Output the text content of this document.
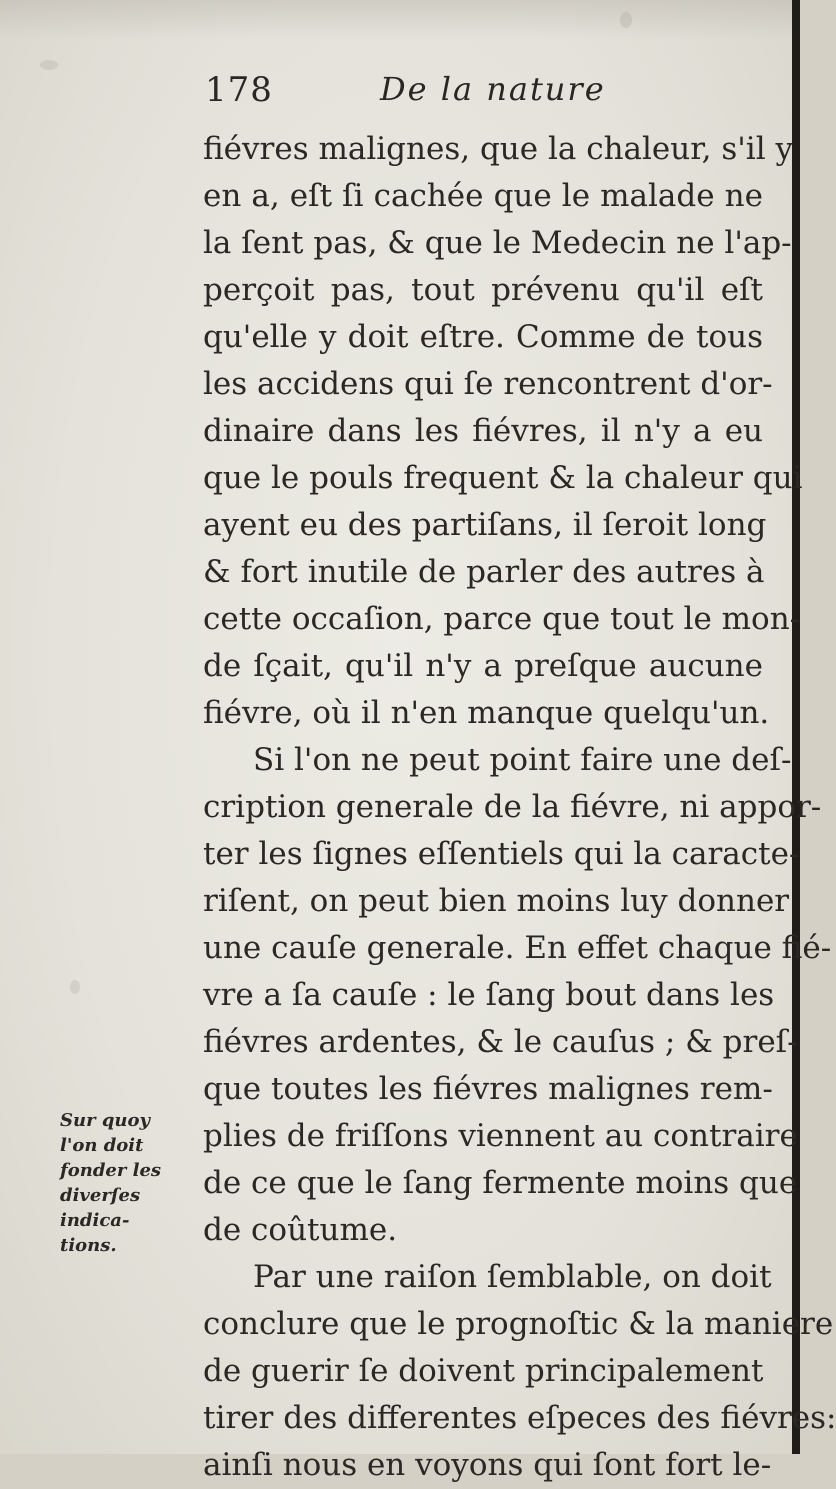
178	De la nature
fiévres malignes, que la chaleur, s'il y
en a, eſt ſi cachée que le malade ne
la ſent pas, & que le Medecin ne l'ap-
perçoit pas, tout prévenu qu'il eſt
qu'elle y doit eſtre. Comme de tous
les accidens qui ſe rencontrent d'or-
dinaire dans les fiévres, il n'y a eu
que le pouls frequent & la chaleur qui
ayent eu des partiſans, il ſeroit long
& fort inutile de parler des autres à
cette occaſion, parce que tout le mon-
de ſçait, qu'il n'y a preſque aucune
fiévre, où il n'en manque quelqu'un.
Si l'on ne peut point faire une deſ-
cription generale de la fiévre, ni appor-
ter les ſignes eſſentiels qui la caracte-
riſent, on peut bien moins luy donner
une cauſe generale. En effet chaque fié-
vre a ſa cauſe : le ſang bout dans les
fiévres ardentes, & le cauſus ; & preſ-
que toutes les fiévres malignes rem-
plies de friſſons viennent au contraire
de ce que le ſang fermente moins que
de coûtume.
Par une raiſon ſemblable, on doit
conclure que le prognoſtic & la maniere
de guerir ſe doivent principalement
tirer des differentes eſpeces des fiévres:
ainſi nous en voyons qui ſont fort le-
Sur quoy
l'on doit
fonder les
diverſes
indica-
tions.
